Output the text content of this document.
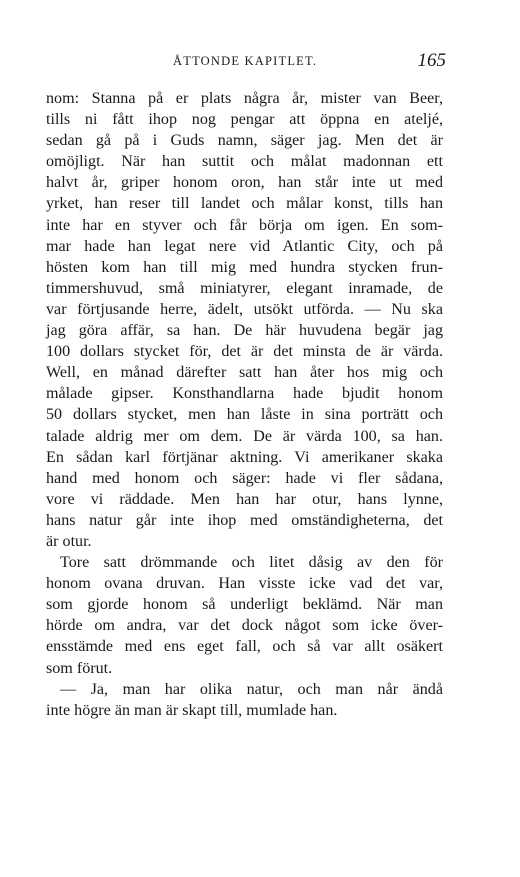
ÅTTONDE KAPITLET.	165
nom: Stanna på er plats några år, mister van Beer,
tills ni fått ihop nog pengar att öppna en ateljé,
sedan gå på i Guds namn, säger jag. Men det är
omöjligt. När han suttit och målat madonnan ett
halvt år, griper honom oron, han står inte ut med
yrket, han reser till landet och målar konst, tills han
inte har en styver och får börja om igen. En som-
mar hade han legat nere vid Atlantic City, och på
hösten kom han till mig med hundra stycken frun-
timmershuvud, små miniatyrer, elegant inramade, de
var förtjusande herre, ädelt, utsökt utförda. — Nu ska
jag göra affär, sa han. De här huvudena begär jag
100 dollars stycket för, det är det minsta de är värda.
Well, en månad därefter satt han åter hos mig och
målade gipser. Konsthandlarna hade bjudit honom
50 dollars stycket, men han låste in sina porträtt och
talade aldrig mer om dem. De är värda 100, sa han.
En sådan karl förtjänar aktning. Vi amerikaner skaka
hand med honom och säger: hade vi fler sådana,
vore vi räddade. Men han har otur, hans lynne,
hans natur går inte ihop med omständigheterna, det
är otur.
Tore satt drömmande och litet dåsig av den för
honom ovana druvan. Han visste icke vad det var,
som gjorde honom så underligt beklämd. När man
hörde om andra, var det dock något som icke över-
ensstämde med ens eget fall, och så var allt osäkert
som förut.
— Ja, man har olika natur, och man når ändå
inte högre än man är skapt till, mumlade han.
